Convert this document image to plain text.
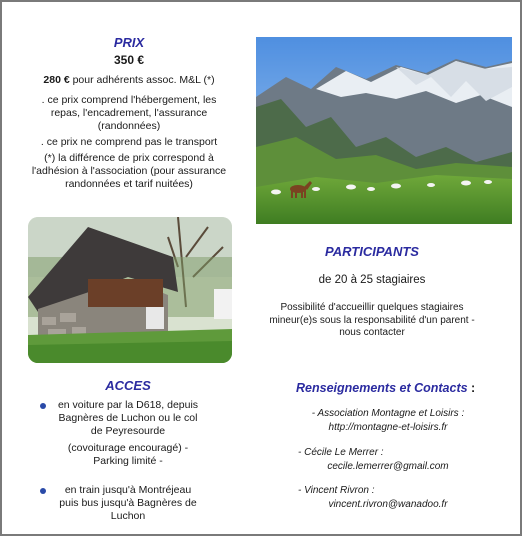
PRIX
350 €
280 € pour adhérents assoc. M&L (*)
. ce prix comprend l'hébergement, les repas, l'encadrement, l'assurance (randonnées)
. ce prix ne comprend pas le transport
(*) la différence de prix correspond à l'adhésion à l'association (pour assurance randonnées et tarif nuitées)
PARTICIPANTS
de 20 à 25 stagiaires
Possibilité d'accueillir quelques stagiaires mineur(e)s sous la responsabilité d'un parent - nous contacter
ACCES
en voiture par la D618, depuis Bagnères de Luchon ou le col de Peyresourde
(covoiturage encouragé) - Parking limité -
en train jusqu'à Montréjeau puis bus jusqu'à Bagnères de Luchon
Renseignements et Contacts :
- Association Montagne et Loisirs :
http://montagne-et-loisirs.fr
- Cécile Le Merrer :
cecile.lemerrer@gmail.com
- Vincent Rivron :
vincent.rivron@wanadoo.fr
